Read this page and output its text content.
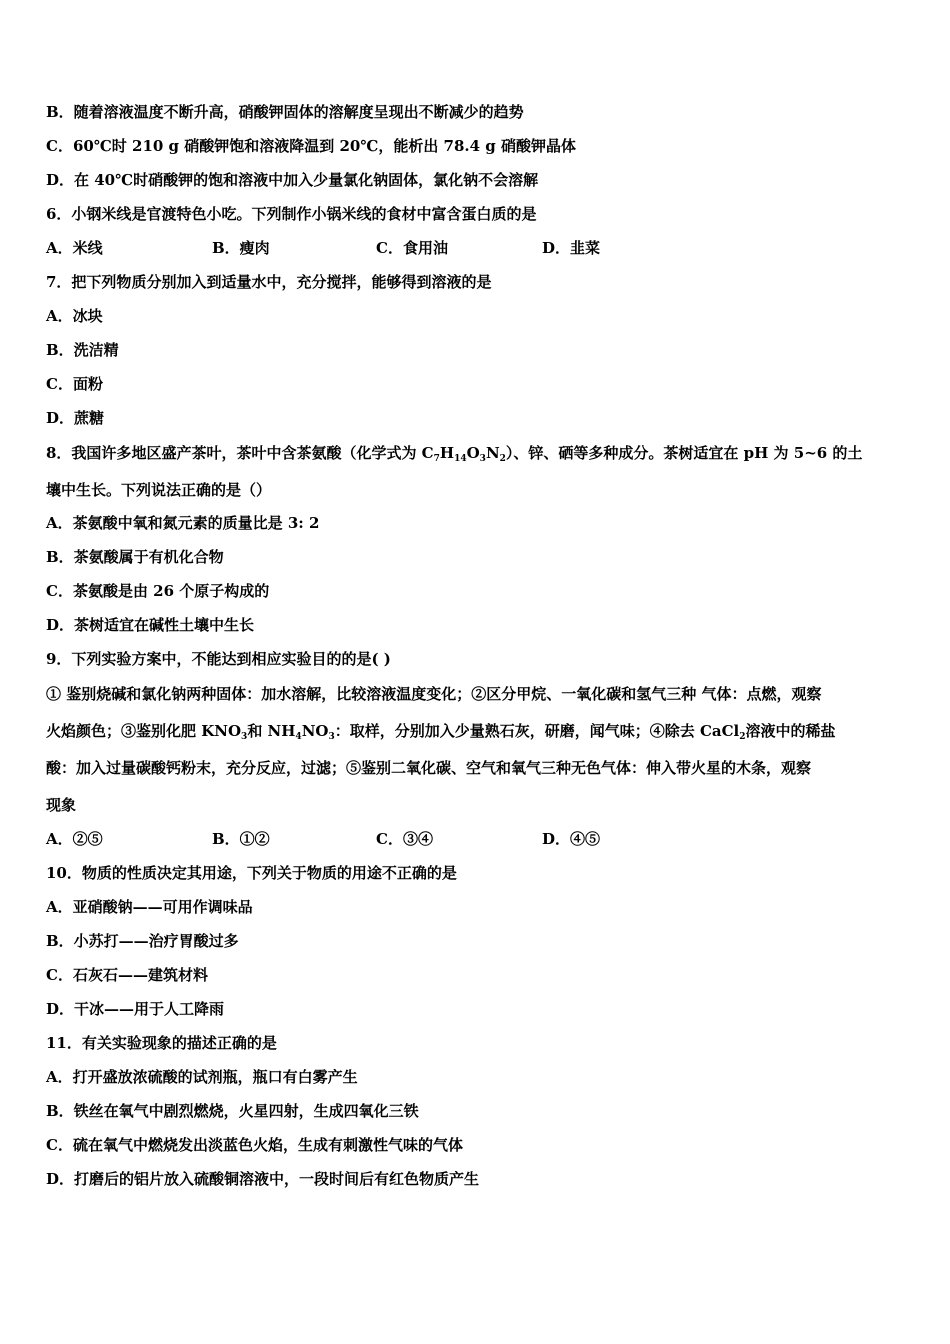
B．随着溶液温度不断升高，硝酸钾固体的溶解度呈现出不断减少的趋势
C．60℃时 210 g 硝酸钾饱和溶液降温到 20℃，能析出 78.4 g 硝酸钾晶体
D．在 40℃时硝酸钾的饱和溶液中加入少量氯化钠固体，氯化钠不会溶解
6．小钢米线是官渡特色小吃。下列制作小锅米线的食材中富含蛋白质的是
A．米线	B．瘦肉	C．食用油	D．韭菜
7．把下列物质分别加入到适量水中，充分搅拌，能够得到溶液的是
A．冰块
B．洗洁精
C．面粉
D．蔗糖
8．我国许多地区盛产茶叶，茶叶中含茶氨酸（化学式为 $C_7H_{14}O_3N_2$）、锌、硒等多种成分。茶树适宜在 pH 为 5~6 的土
壤中生长。下列说法正确的是（）
A．茶氨酸中氧和氮元素的质量比是 3: 2
B．茶氨酸属于有机化合物
C．茶氨酸是由 26 个原子构成的
D．茶树适宜在碱性土壤中生长
9．下列实验方案中，不能达到相应实验目的的是( )
① 鉴别烧碱和氯化钠两种固体：加水溶解，比较溶液温度变化；②区分甲烷、一氧化碳和氢气三种 气体：点燃，观察
火焰颜色；③鉴别化肥 $KNO_3$和 $NH_4NO_3$：取样，分别加入少量熟石灰，研磨，闻气味；④除去 CaCl$_2$溶液中的稀盐
酸：加入过量碳酸钙粉末，充分反应，过滤；⑤鉴别二氧化碳、空气和氧气三种无色气体：伸入带火星的木条，观察
现象
A．②⑤	B．①②	C．③④	D．④⑤
10．物质的性质决定其用途，下列关于物质的用途不正确的是
A．亚硝酸钠——可用作调味品
B．小苏打——治疗胃酸过多
C．石灰石——建筑材料
D．干冰——用于人工降雨
11．有关实验现象的描述正确的是
A．打开盛放浓硫酸的试剂瓶，瓶口有白雾产生
B．铁丝在氧气中剧烈燃烧，火星四射，生成四氧化三铁
C．硫在氧气中燃烧发出淡蓝色火焰，生成有刺激性气味的气体
D．打磨后的铝片放入硫酸铜溶液中，一段时间后有红色物质产生
